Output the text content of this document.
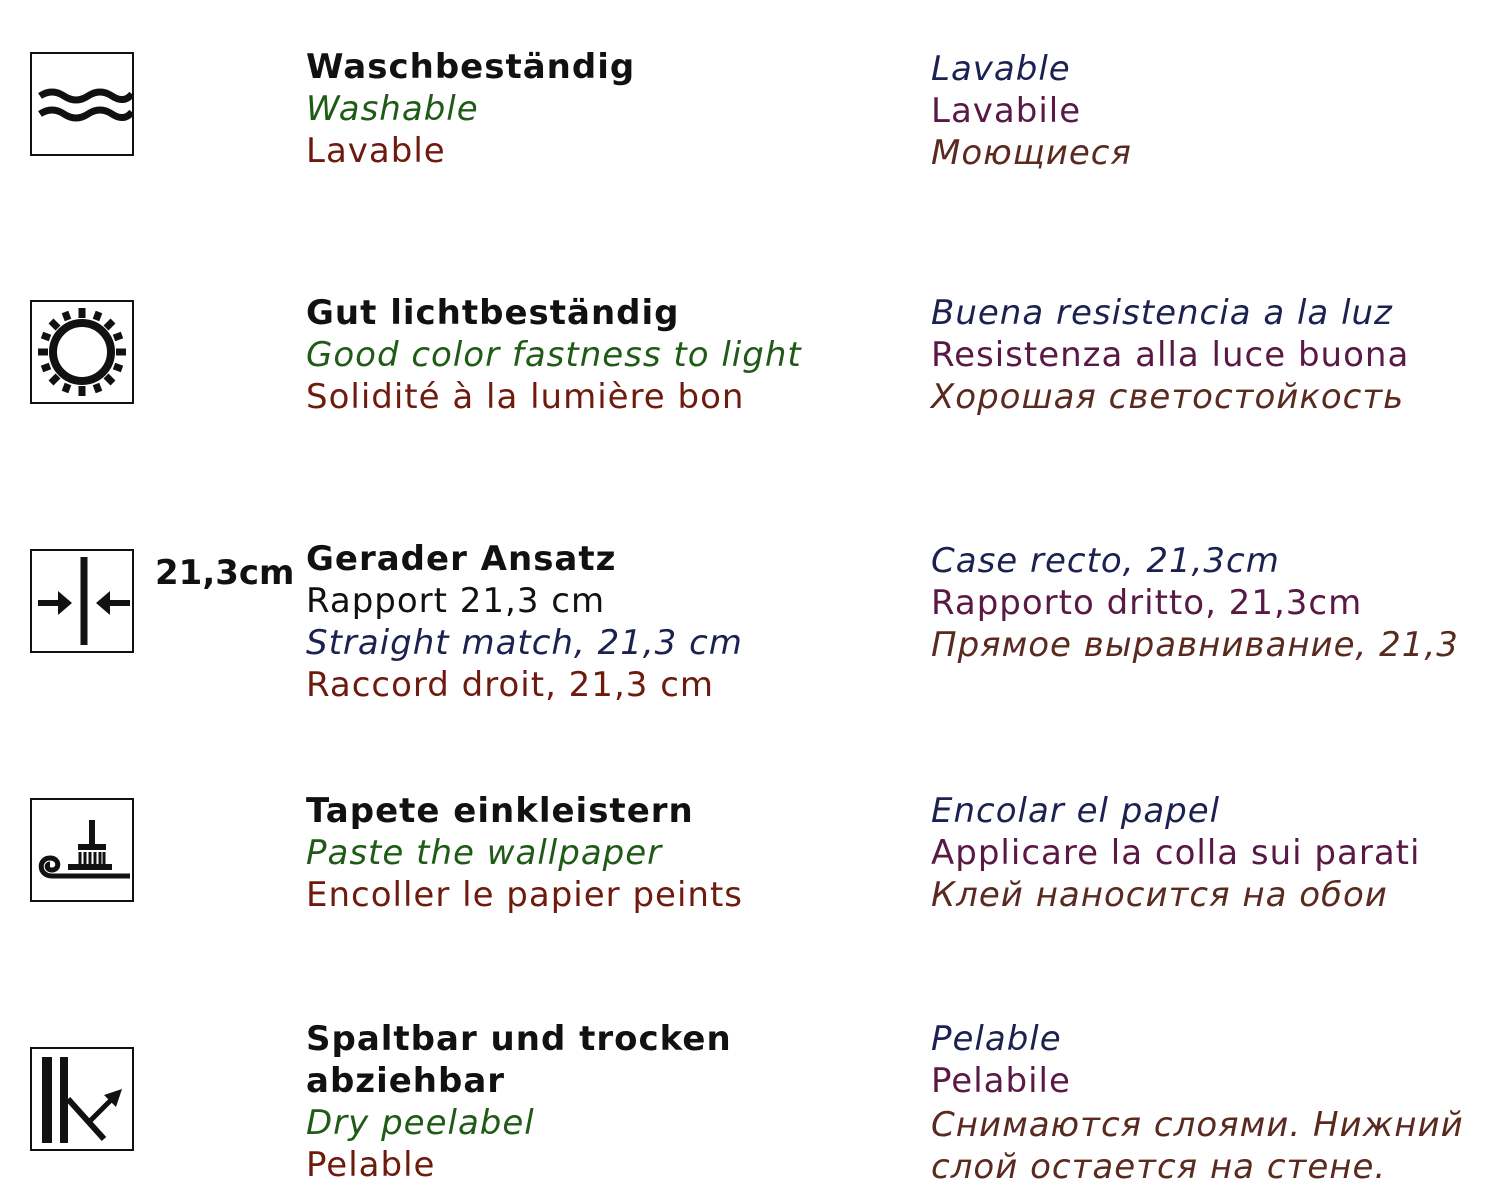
Waschbeständig
Washable
Lavable
Lavable
Lavabile
Моющиеся
Gut lichtbeständig
Good color fastness to light
Solidité à la lumière bon
Buena resistencia a la luz
Resistenza alla luce buona
Хорошая светостойкость
21,3cm Gerader Ansatz
Rapport 21,3 cm
Straight match, 21,3 cm
Raccord droit, 21,3 cm
Case recto, 21,3cm
Rapporto dritto, 21,3cm
Прямое выравнивание, 21,3
Tapete einkleistern
Paste the wallpaper
Encoller le papier peints
Encolar el papel
Applicare la colla sui parati
Клей наносится на обои
Spaltbar und trocken
abziehbar
Dry peelabel
Pelable
Pelable
Pelabile
Снимаются слоями. Нижний
слой остается на стене.
